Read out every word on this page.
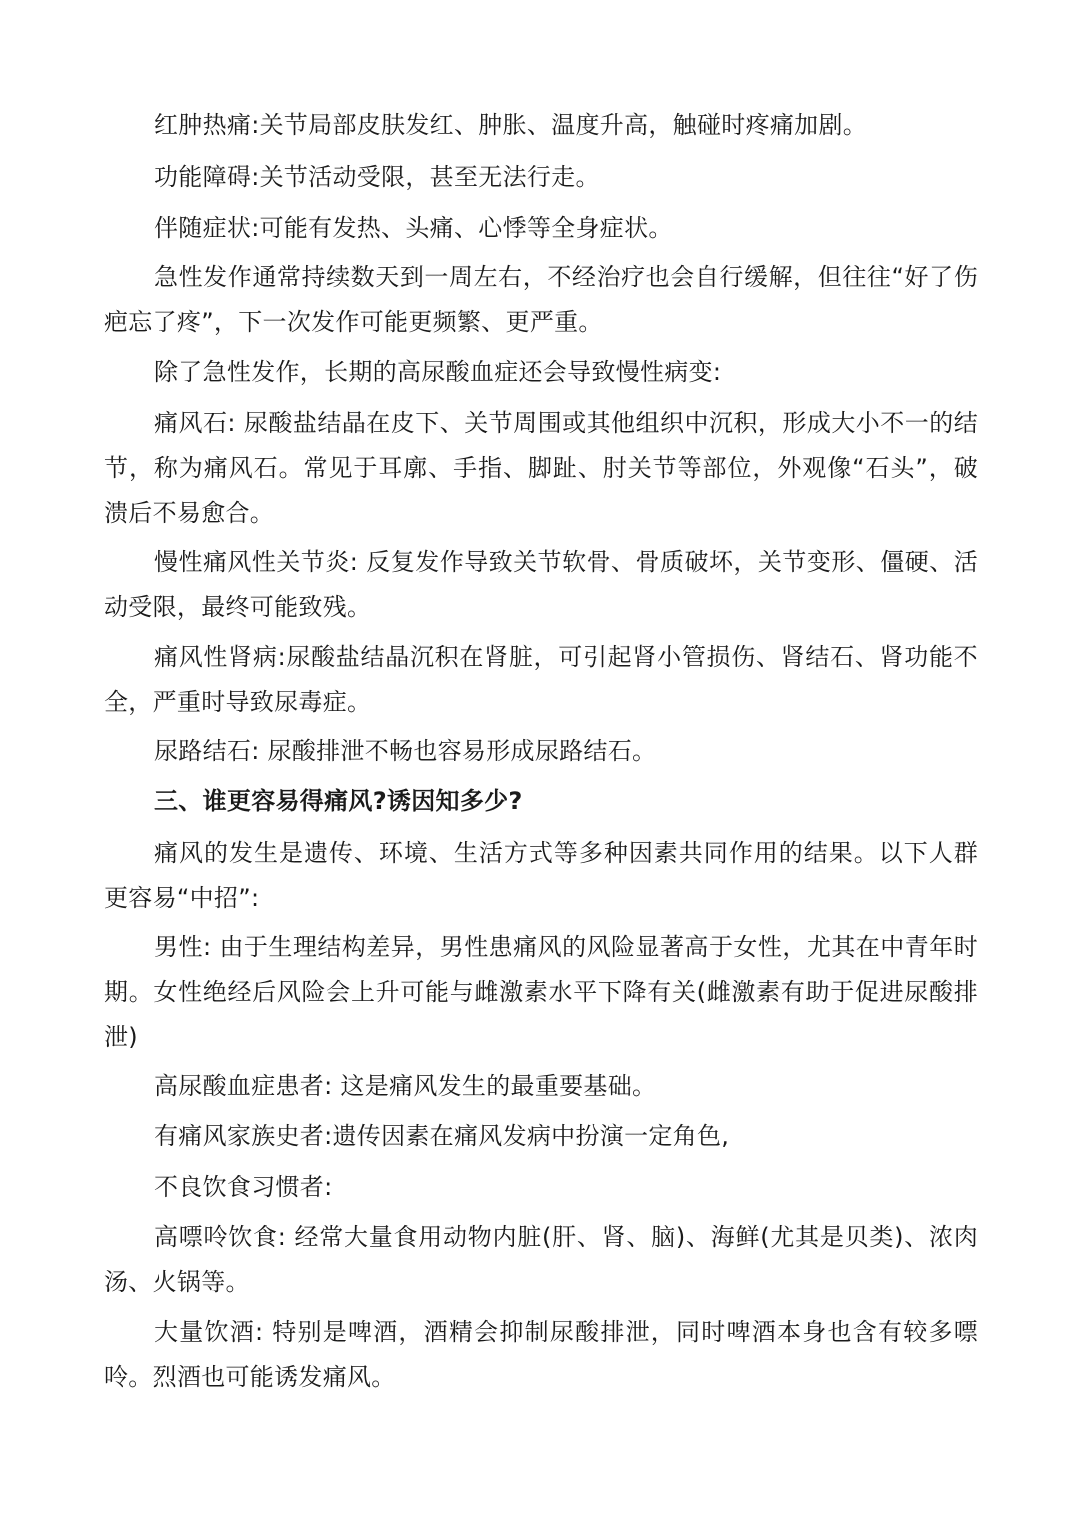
红肿热痛:关节局部皮肤发红、肿胀、温度升高，触碰时疼痛加剧。

功能障碍:关节活动受限，甚至无法行走。

伴随症状:可能有发热、头痛、心悸等全身症状。

急性发作通常持续数天到一周左右，不经治疗也会自行缓解，但往往“好了伤疤忘了疼”，下一次发作可能更频繁、更严重。

除了急性发作，长期的高尿酸血症还会导致慢性病变:

痛风石: 尿酸盐结晶在皮下、关节周围或其他组织中沉积，形成大小不一的结节，称为痛风石。常见于耳廓、手指、脚趾、肘关节等部位，外观像“石头”，破溃后不易愈合。

慢性痛风性关节炎: 反复发作导致关节软骨、骨质破坏，关节变形、僵硬、活动受限，最终可能致残。

痛风性肾病:尿酸盐结晶沉积在肾脏，可引起肾小管损伤、肾结石、肾功能不全，严重时导致尿毒症。

尿路结石: 尿酸排泄不畅也容易形成尿路结石。

三、谁更容易得痛风?诱因知多少?

痛风的发生是遗传、环境、生活方式等多种因素共同作用的结果。以下人群更容易“中招”:

男性: 由于生理结构差异，男性患痛风的风险显著高于女性，尤其在中青年时期。女性绝经后风险会上升可能与雌激素水平下降有关(雌激素有助于促进尿酸排泄)

高尿酸血症患者: 这是痛风发生的最重要基础。

有痛风家族史者:遗传因素在痛风发病中扮演一定角色,

不良饮食习惯者:

高嘌呤饮食: 经常大量食用动物内脏(肝、肾、脑)、海鲜(尤其是贝类)、浓肉汤、火锅等。

大量饮酒: 特别是啤酒，酒精会抑制尿酸排泄，同时啤酒本身也含有较多嘌呤。烈酒也可能诱发痛风。
